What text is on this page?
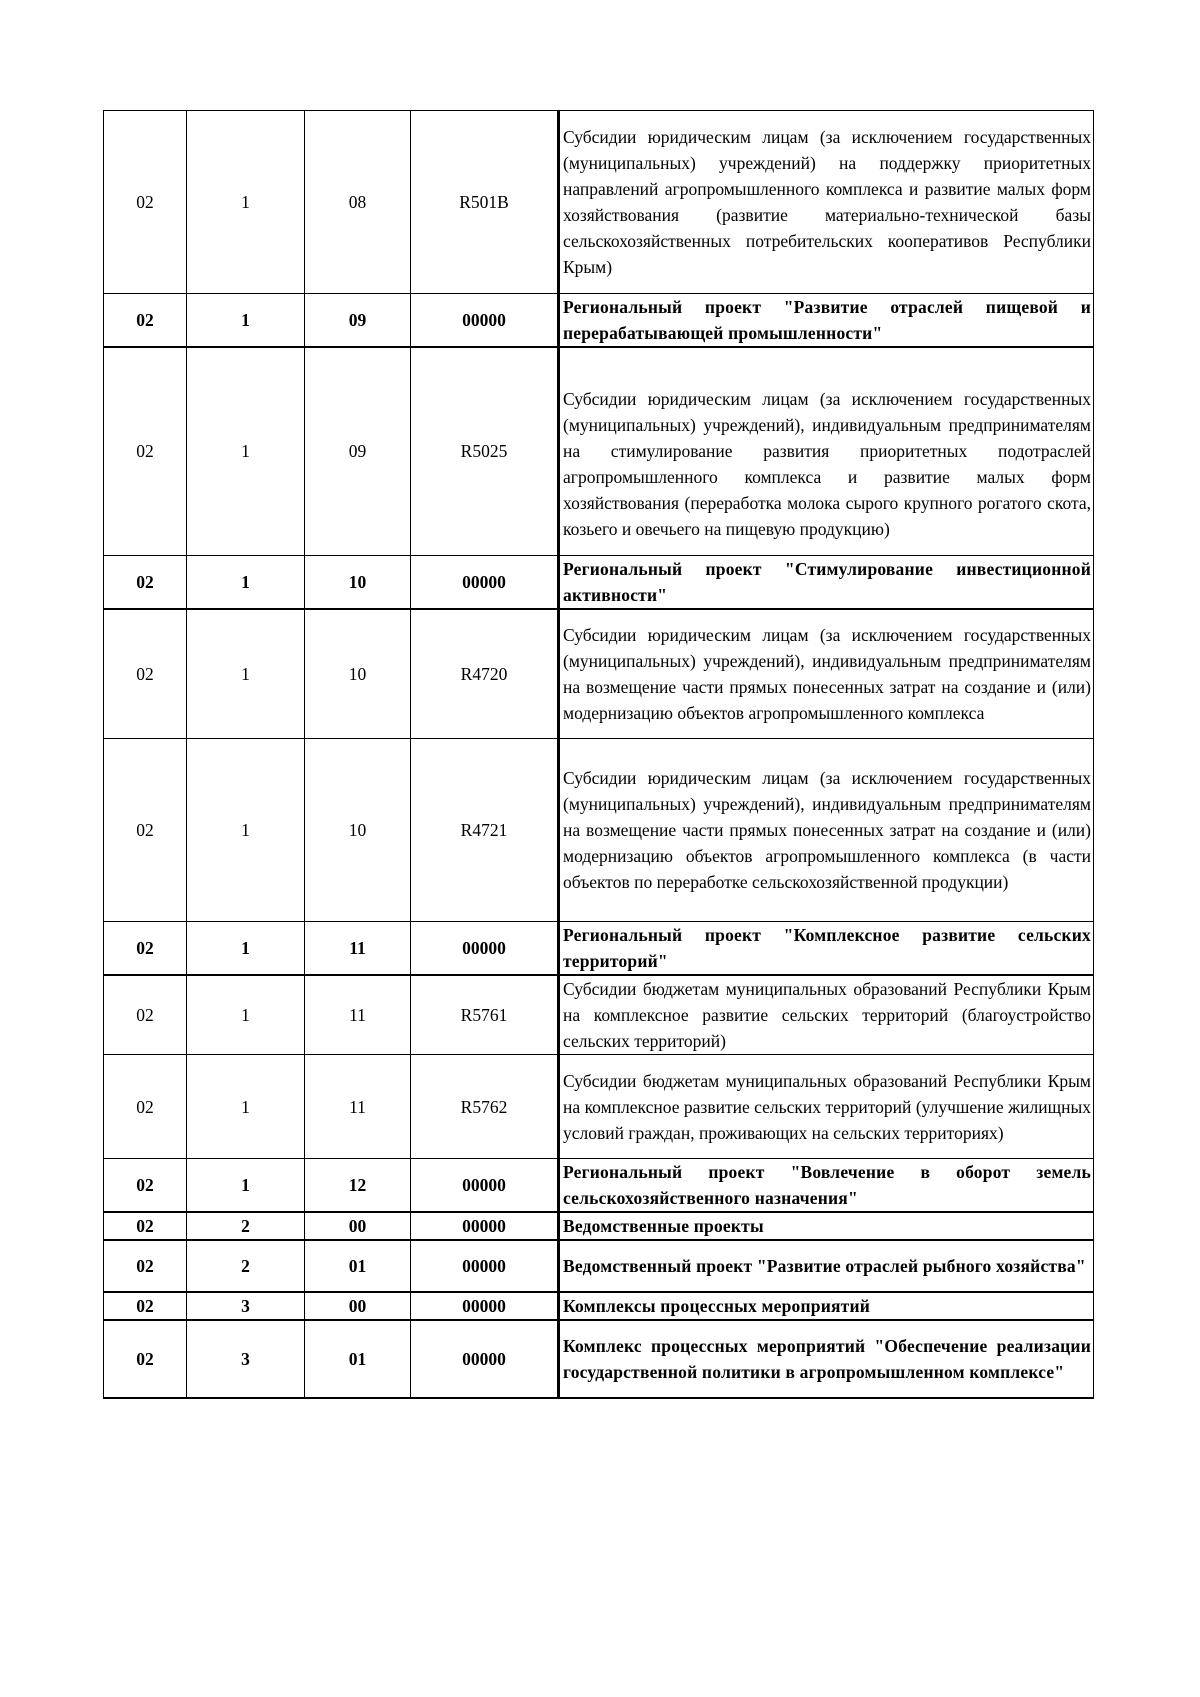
02	1	08	R501B	Субсидии юридическим лицам (за исключением государственных (муниципальных) учреждений) на поддержку приоритетных направлений агропромышленного комплекса и развитие малых форм хозяйствования (развитие материально-технической базы сельскохозяйственных потребительских кооперативов Республики Крым)
02	1	09	00000	Региональный проект "Развитие отраслей пищевой и перерабатывающей промышленности"
02	1	09	R5025	Субсидии юридическим лицам (за исключением государственных (муниципальных) учреждений), индивидуальным предпринимателям на стимулирование развития приоритетных подотраслей агропромышленного комплекса и развитие малых форм хозяйствования (переработка молока сырого крупного рогатого скота, козьего и овечьего на пищевую продукцию)
02	1	10	00000	Региональный проект "Стимулирование инвестиционной активности"
02	1	10	R4720	Субсидии юридическим лицам (за исключением государственных (муниципальных) учреждений), индивидуальным предпринимателям на возмещение части прямых понесенных затрат на создание и (или) модернизацию объектов агропромышленного комплекса
02	1	10	R4721	Субсидии юридическим лицам (за исключением государственных (муниципальных) учреждений), индивидуальным предпринимателям на возмещение части прямых понесенных затрат на создание и (или) модернизацию объектов агропромышленного комплекса (в части объектов по переработке сельскохозяйственной продукции)
02	1	11	00000	Региональный проект "Комплексное развитие сельских территорий"
02	1	11	R5761	Субсидии бюджетам муниципальных образований Республики Крым на комплексное развитие сельских территорий (благоустройство сельских территорий)
02	1	11	R5762	Субсидии бюджетам муниципальных образований Республики Крым на комплексное развитие сельских территорий (улучшение жилищных условий граждан, проживающих на сельских территориях)
02	1	12	00000	Региональный проект "Вовлечение в оборот земель сельскохозяйственного назначения"
02	2	00	00000	Ведомственные проекты
02	2	01	00000	Ведомственный проект "Развитие отраслей рыбного хозяйства"
02	3	00	00000	Комплексы процессных мероприятий
02	3	01	00000	Комплекс процессных мероприятий "Обеспечение реализации государственной политики в агропромышленном комплексе"
